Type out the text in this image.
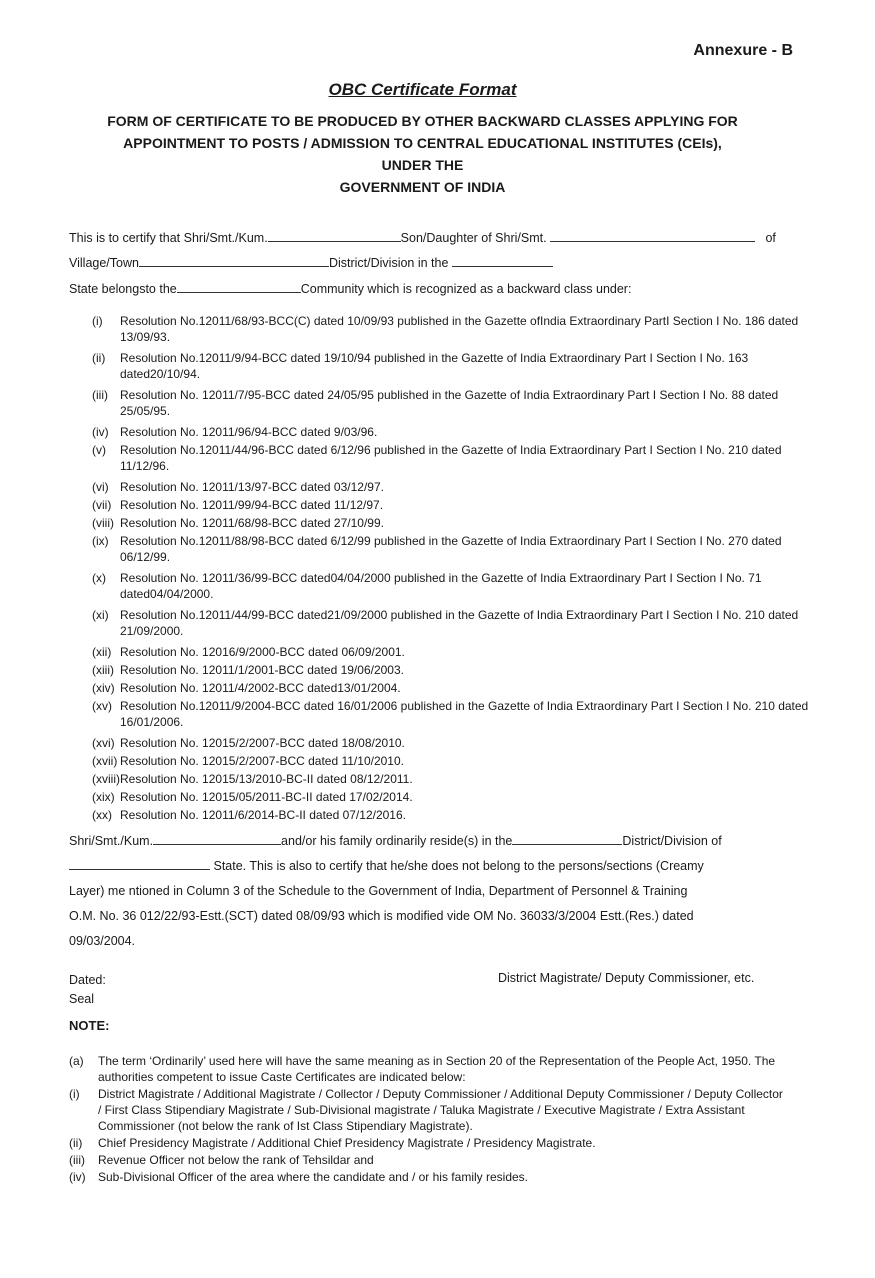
Annexure - B
OBC Certificate Format
FORM OF CERTIFICATE TO BE PRODUCED BY OTHER BACKWARD CLASSES APPLYING FOR
APPOINTMENT TO POSTS / ADMISSION TO CENTRAL EDUCATIONAL INSTITUTES (CEIs),
UNDER THE
GOVERNMENT OF INDIA
This is to certify that Shri/Smt./Kum.	Son/Daughter of Shri/Smt.	of
Village/Town	District/Division in the
State belongsto the	Community which is recognized as a backward class under:
(i)	Resolution No.12011/68/93-BCC(C) dated 10/09/93 published in the Gazette ofIndia Extraordinary PartI Section I No. 186 dated 13/09/93.
(ii)	Resolution No.12011/9/94-BCC dated 19/10/94 published in the Gazette of India Extraordinary Part I Section I No. 163 dated20/10/94.
(iii)	Resolution No. 12011/7/95-BCC dated 24/05/95 published in the Gazette of India Extraordinary Part I Section I No. 88 dated 25/05/95.
(iv) Resolution No. 12011/96/94-BCC dated 9/03/96.
(v)	Resolution No.12011/44/96-BCC dated 6/12/96 published in the Gazette of India Extraordinary Part I Section I No. 210 dated 11/12/96.
(vi) Resolution No. 12011/13/97-BCC dated 03/12/97.
(vii) Resolution No. 12011/99/94-BCC dated 11/12/97.
(viii) Resolution No. 12011/68/98-BCC dated 27/10/99.
(ix) Resolution No.12011/88/98-BCC dated 6/12/99 published in the Gazette of India Extraordinary Part I Section I No. 270 dated 06/12/99.
(x)	Resolution No. 12011/36/99-BCC dated04/04/2000 published in the Gazette of India Extraordinary Part I Section I No. 71 dated04/04/2000.
(xi) Resolution No.12011/44/99-BCC dated21/09/2000 published in the Gazette of India Extraordinary Part I Section I No. 210 dated 21/09/2000.
(xii) Resolution No. 12016/9/2000-BCC dated 06/09/2001.
(xiii) Resolution No. 12011/1/2001-BCC dated 19/06/2003.
(xiv) Resolution No. 12011/4/2002-BCC dated13/01/2004.
(xv) Resolution No.12011/9/2004-BCC dated 16/01/2006 published in the Gazette of India Extraordinary Part I Section I No. 210 dated 16/01/2006.
(xvi) Resolution No. 12015/2/2007-BCC dated 18/08/2010.
(xvii) Resolution No. 12015/2/2007-BCC dated 11/10/2010.
(xviii) Resolution No. 12015/13/2010-BC-II dated 08/12/2011.
(xix) Resolution No. 12015/05/2011-BC-II dated 17/02/2014.
(xx) Resolution No. 12011/6/2014-BC-II dated 07/12/2016.
Shri/Smt./Kum.	and/or his family ordinarily reside(s) in the	District/Division of
State. This is also to certify that he/she does not belong to the persons/sections (Creamy
Layer) me ntioned in Column 3 of the Schedule to the Government of India, Department of Personnel & Training
O.M. No. 36 012/22/93-Estt.(SCT) dated 08/09/93 which is modified vide OM No. 36033/3/2004 Estt.(Res.) dated
09/03/2004.
Dated:
Seal
District Magistrate/ Deputy Commissioner, etc.
NOTE:
(a)	The term ‘Ordinarily’ used here will have the same meaning as in Section 20 of the Representation of the People Act, 1950. The authorities competent to issue Caste Certificates are indicated below:
(i)	District Magistrate / Additional Magistrate / Collector / Deputy Commissioner / Additional Deputy Commissioner / Deputy Collector / First Class Stipendiary Magistrate / Sub-Divisional magistrate / Taluka Magistrate / Executive Magistrate / Extra Assistant Commissioner (not below the rank of Ist Class Stipendiary Magistrate).
(ii)	Chief Presidency Magistrate / Additional Chief Presidency Magistrate / Presidency Magistrate.
(iii)	Revenue Officer not below the rank of Tehsildar and
(iv)	Sub-Divisional Officer of the area where the candidate and / or his family resides.
